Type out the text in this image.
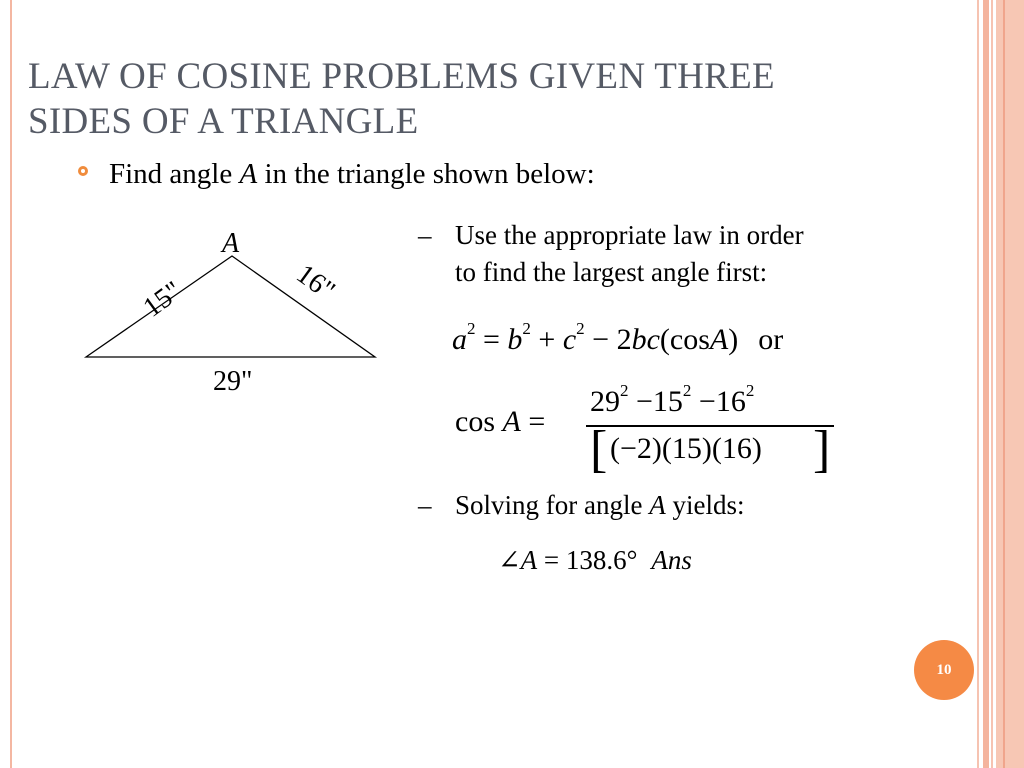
LAW OF COSINE PROBLEMS GIVEN THREE
SIDES OF A TRIANGLE
Find angle A in the triangle shown below:
A
15"	16"
29"
– Use the appropriate law in order
to find the largest angle first:
$a^2 = b^2 + c^2 - 2bc(\cos A)$ or
cos A =
$29^2 -15^2 -16^2$
[ (−2)(15)(16) ]
– Solving for angle A yields:
∠A = 138.6° Ans
10
